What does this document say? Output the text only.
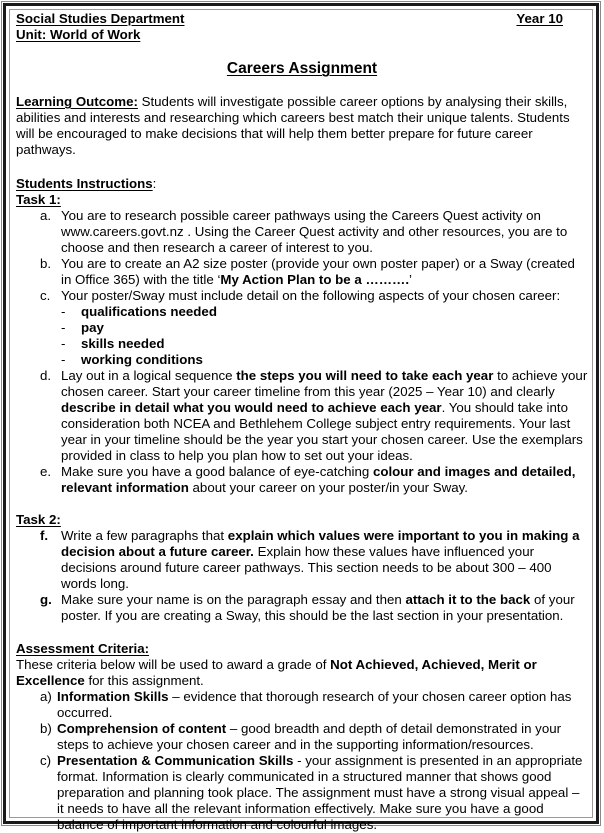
Social Studies Department	Year 10
Unit: World of Work
Careers Assignment
Learning Outcome: Students will investigate possible career options by analysing their skills, abilities and interests and researching which careers best match their unique talents. Students will be encouraged to make decisions that will help them better prepare for future career pathways.
Students Instructions:
Task 1:
a. You are to research possible career pathways using the Careers Quest activity on www.careers.govt.nz . Using the Career Quest activity and other resources, you are to choose and then research a career of interest to you.
b. You are to create an A2 size poster (provide your own poster paper) or a Sway (created in Office 365) with the title ‘My Action Plan to be a ……….’
c. Your poster/Sway must include detail on the following aspects of your chosen career:
- qualifications needed
- pay
- skills needed
- working conditions
d. Lay out in a logical sequence the steps you will need to take each year to achieve your chosen career. Start your career timeline from this year (2025 – Year 10) and clearly describe in detail what you would need to achieve each year. You should take into consideration both NCEA and Bethlehem College subject entry requirements. Your last year in your timeline should be the year you start your chosen career. Use the exemplars provided in class to help you plan how to set out your ideas.
e. Make sure you have a good balance of eye-catching colour and images and detailed, relevant information about your career on your poster/in your Sway.
Task 2:
f. Write a few paragraphs that explain which values were important to you in making a decision about a future career. Explain how these values have influenced your decisions around future career pathways. This section needs to be about 300 – 400 words long.
g. Make sure your name is on the paragraph essay and then attach it to the back of your poster. If you are creating a Sway, this should be the last section in your presentation.
Assessment Criteria:
These criteria below will be used to award a grade of Not Achieved, Achieved, Merit or Excellence for this assignment.
a) Information Skills – evidence that thorough research of your chosen career option has occurred.
b) Comprehension of content – good breadth and depth of detail demonstrated in your steps to achieve your chosen career and in the supporting information/resources.
c) Presentation & Communication Skills - your assignment is presented in an appropriate format. Information is clearly communicated in a structured manner that shows good preparation and planning took place. The assignment must have a strong visual appeal – it needs to have all the relevant information effectively. Make sure you have a good balance of important information and colourful images.
